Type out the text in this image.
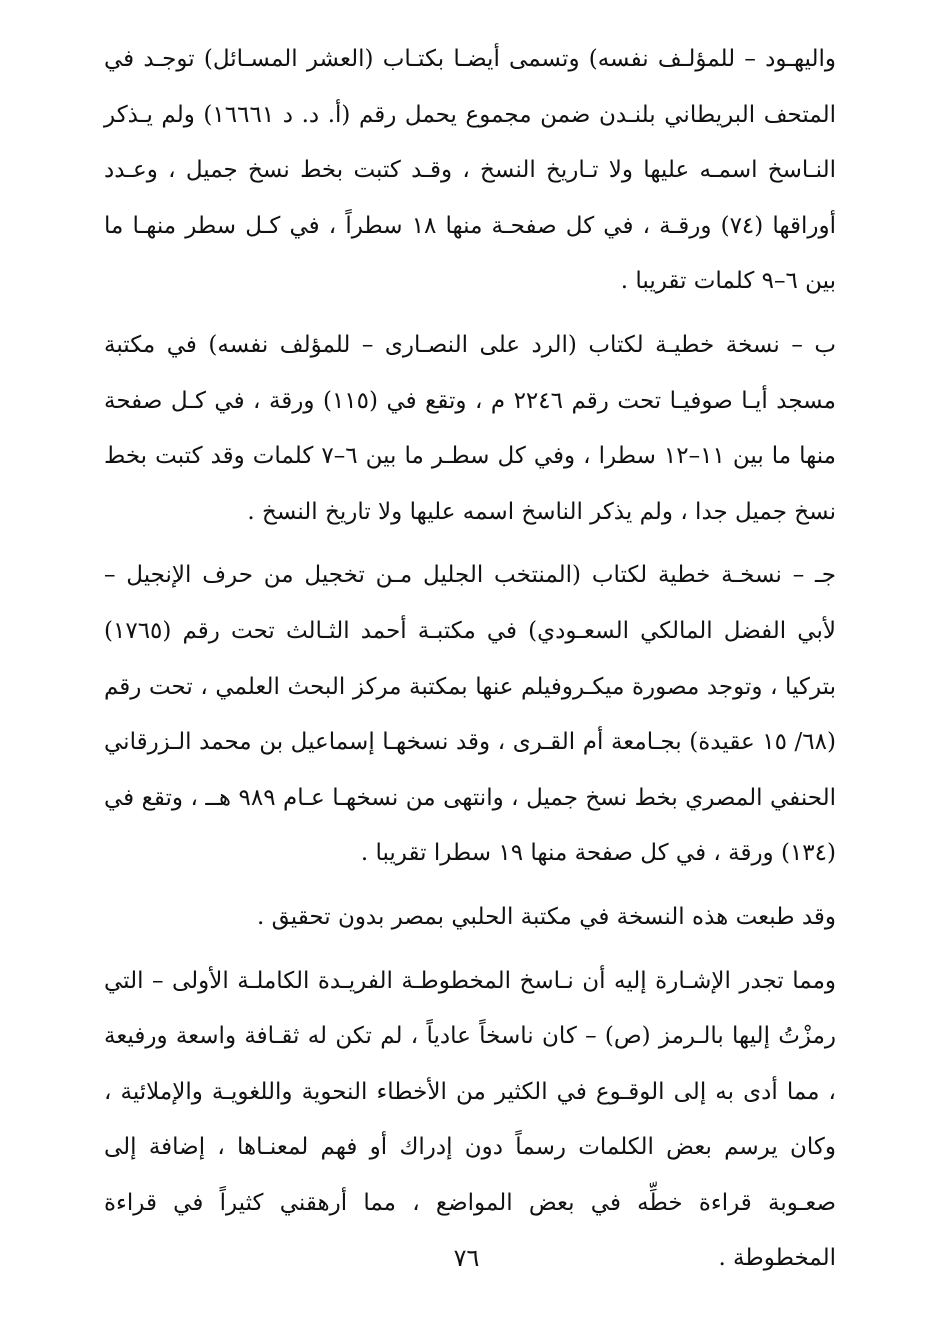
واليهـود – للمؤلـف نفسه) وتسمى أيضـا بكتـاب (العشر المسـائل) توجـد في المتحف البريطاني بلنـدن ضمن مجموع يحمل رقم (أ. د. د ١٦٦٦١) ولم يـذكر النـاسخ اسمـه عليها ولا تـاريخ النسخ ، وقـد كتبت بخط نسخ جميل ، وعـدد أوراقها (٧٤) ورقـة ، في كل صفحـة منها ١٨ سطراً ، في كـل سطر منهـا ما بين ٦–٩ كلمات تقريبا .

ب – نسخة خطيـة لكتاب (الرد على النصـارى – للمؤلف نفسه) في مكتبة مسجد أيـا صوفيـا تحت رقم ٢٢٤٦ م ، وتقع في (١١٥) ورقة ، في كـل صفحة منها ما بين ١١–١٢ سطرا ، وفي كل سطـر ما بين ٦–٧ كلمات وقد كتبت بخط نسخ جميل جدا ، ولم يذكر الناسخ اسمه عليها ولا تاريخ النسخ .

جـ – نسخـة خطية لكتاب (المنتخب الجليل مـن تخجيل من حرف الإنجيل – لأبي الفضل المالكي السعـودي) في مكتبـة أحمد الثـالث تحت رقم (١٧٦٥) بتركيا ، وتوجد مصورة ميكـروفيلم عنها بمكتبة مركز البحث العلمي ، تحت رقم (٦٨/ ١٥ عقيدة) بجـامعة أم القـرى ، وقد نسخهـا إسماعيل بن محمد الـزرقاني الحنفي المصري بخط نسخ جميل ، وانتهى من نسخهـا عـام ٩٨٩ هــ ، وتقع في (١٣٤) ورقة ، في كل صفحة منها ١٩ سطرا تقريبا .

وقد طبعت هذه النسخة في مكتبة الحلبي بمصر بدون تحقيق .

ومما تجدر الإشـارة إليه أن نـاسخ المخطوطـة الفريـدة الكاملـة الأولى – التي رمزْتُ إليها بالـرمز (ص) – كان ناسخاً عادياً ، لم تكن له ثقـافة واسعة ورفيعة ، مما أدى به إلى الوقـوع في الكثير من الأخطاء النحوية واللغويـة والإملائية ، وكان يرسم بعض الكلمات رسماً دون إدراك أو فهم لمعنـاها ، إضافة إلى صعـوبة قراءة خطِّه في بعض المواضع ، مما أرهقني كثيراً في قراءة المخطوطة .

٧٦
